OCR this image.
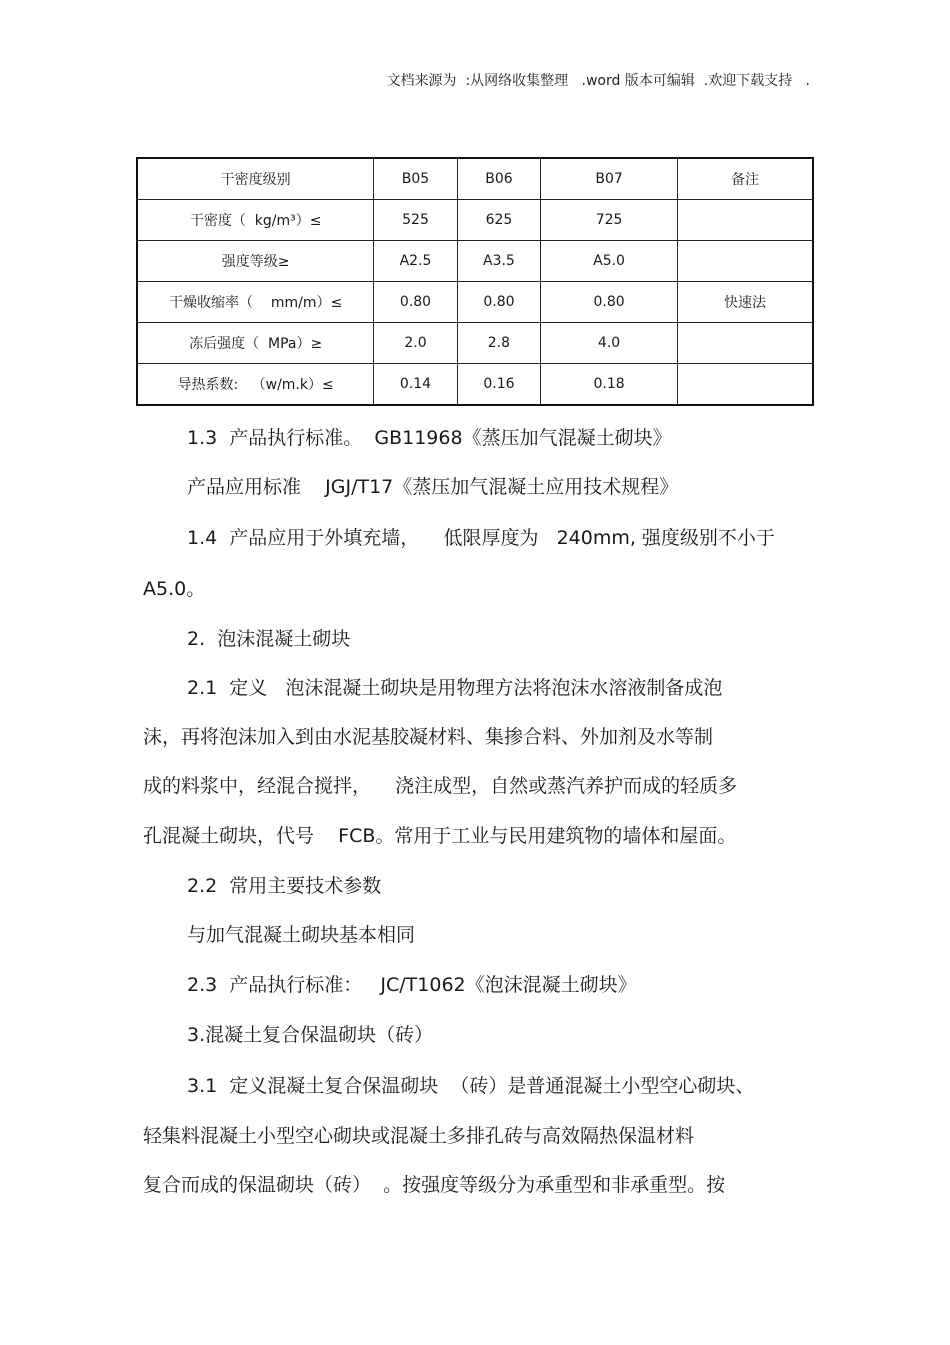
文档来源为  :从网络收集整理   .word 版本可编辑  .欢迎下载支持   .
干密度级别	B05	B06	B07	备注
干密度（  kg/m³）≤	525	625	725	
强度等级≥	A2.5	A3.5	A5.0	
干燥收缩率（    mm/m）≤	0.80	0.80	0.80	快速法
冻后强度（  MPa）≥	2.0	2.8	4.0	
导热系数:   （w/m.k）≤	0.14	0.16	0.18	
1.3  产品执行标准。  GB11968《蒸压加气混凝土砌块》
产品应用标准    JGJ/T17《蒸压加气混凝土应用技术规程》
1.4  产品应用于外填充墙，    低限厚度为   240mm, 强度级别不小于
A5.0。
2.  泡沫混凝土砌块
2.1  定义   泡沫混凝土砌块是用物理方法将泡沫水溶液制备成泡
沫，再将泡沫加入到由水泥基胶凝材料、集掺合料、外加剂及水等制
成的料浆中，经混合搅拌，    浇注成型，自然或蒸汽养护而成的轻质多
孔混凝土砌块，代号    FCB。常用于工业与民用建筑物的墙体和屋面。
2.2  常用主要技术参数
与加气混凝土砌块基本相同
2.3  产品执行标准：   JC/T1062《泡沫混凝土砌块》
3.混凝土复合保温砌块（砖）
3.1  定义混凝土复合保温砌块  （砖）是普通混凝土小型空心砌块、
轻集料混凝土小型空心砌块或混凝土多排孔砖与高效隔热保温材料
复合而成的保温砌块（砖）  。按强度等级分为承重型和非承重型。按
